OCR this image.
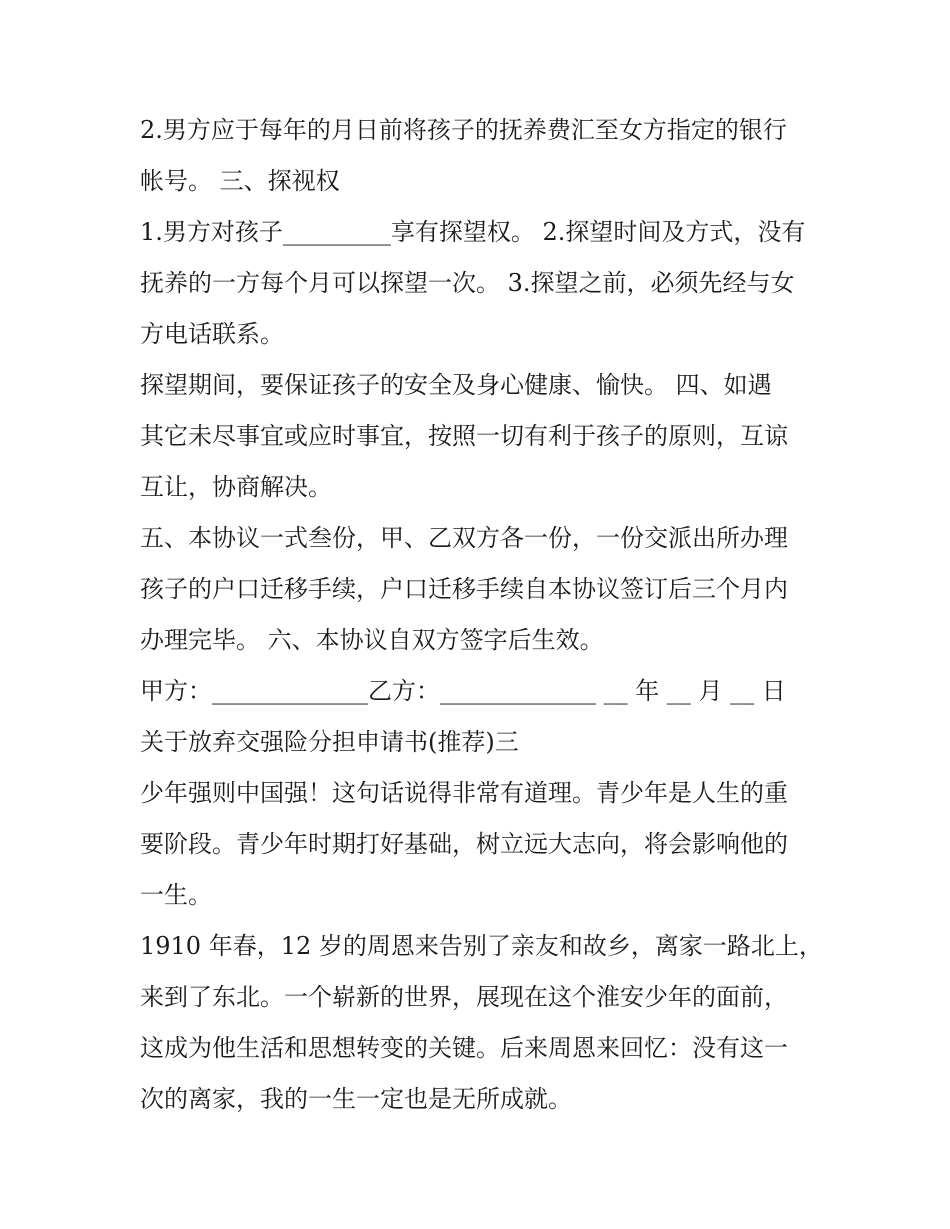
2.男方应于每年的月日前将孩子的抚养费汇至女方指定的银行
帐号。 三、探视权
1.男方对孩子_________享有探望权。 2.探望时间及方式，没有
抚养的一方每个月可以探望一次。 3.探望之前，必须先经与女
方电话联系。
探望期间，要保证孩子的安全及身心健康、愉快。 四、如遇
其它未尽事宜或应时事宜，按照一切有利于孩子的原则，互谅
互让，协商解决。
五、本协议一式叁份，甲、乙双方各一份，一份交派出所办理
孩子的户口迁移手续，户口迁移手续自本协议签订后三个月内
办理完毕。 六、本协议自双方签字后生效。
甲方：_____________乙方：_____________ __ 年 __ 月 __ 日
关于放弃交强险分担申请书(推荐)三
少年强则中国强！这句话说得非常有道理。青少年是人生的重
要阶段。青少年时期打好基础，树立远大志向，将会影响他的
一生。
1910 年春，12 岁的周恩来告别了亲友和故乡，离家一路北上，
来到了东北。一个崭新的世界，展现在这个淮安少年的面前，
这成为他生活和思想转变的关键。后来周恩来回忆：没有这一
次的离家，我的一生一定也是无所成就。
